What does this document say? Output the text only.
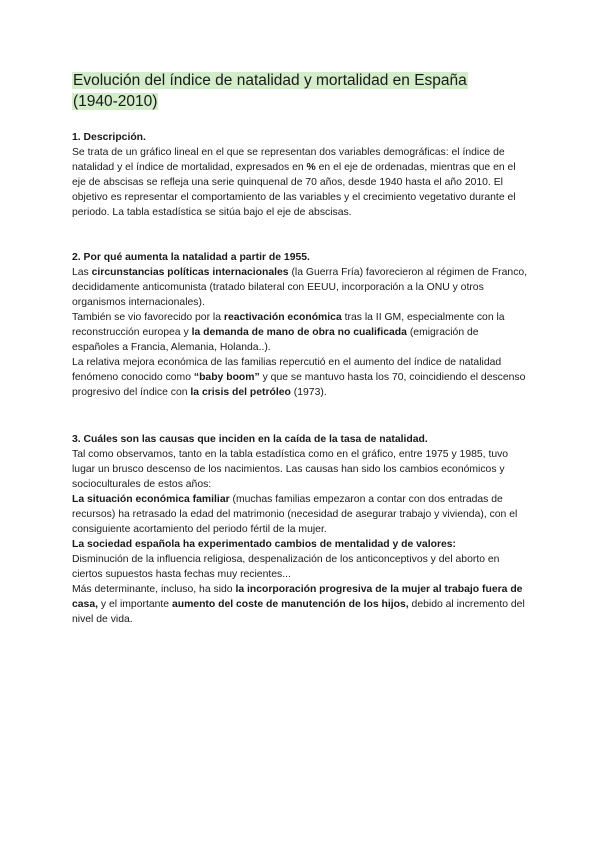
Evolución del índice de natalidad y mortalidad en España
(1940-2010)
1. Descripción.

Se trata de un gráfico lineal en el que se representan dos variables demográficas: el índice de natalidad y el índice de mortalidad, expresados en % en el eje de ordenadas, mientras que en el eje de abscisas se refleja una serie quinquenal de 70 años, desde 1940 hasta el año 2010. El objetivo es representar el comportamiento de las variables y el crecimiento vegetativo durante el periodo. La tabla estadística se sitúa bajo el eje de abscisas.

2. Por qué aumenta la natalidad a partir de 1955.

Las circunstancias políticas internacionales (la Guerra Fría) favorecieron al régimen de Franco, decididamente anticomunista (tratado bilateral con EEUU, incorporación a la ONU y otros organismos internacionales).

También se vio favorecido por la reactivación económica tras la II GM, especialmente con la reconstrucción europea y la demanda de mano de obra no cualificada (emigración de españoles a Francia, Alemania, Holanda..).

La relativa mejora económica de las familias repercutió en el aumento del índice de natalidad fenómeno conocido como “baby boom” y que se mantuvo hasta los 70, coincidiendo el descenso progresivo del índice con la crisis del petróleo (1973).

3. Cuáles son las causas que inciden en la caída de la tasa de natalidad.

Tal como observamos, tanto en la tabla estadística como en el gráfico, entre 1975 y 1985, tuvo lugar un brusco descenso de los nacimientos. Las causas han sido los cambios económicos y socioculturales de estos años:

La situación económica familiar (muchas familias empezaron a contar con dos entradas de recursos) ha retrasado la edad del matrimonio (necesidad de asegurar trabajo y vivienda), con el consiguiente acortamiento del periodo fértil de la mujer.

La sociedad española ha experimentado cambios de mentalidad y de valores:

Disminución de la influencia religiosa, despenalización de los anticonceptivos y del aborto en ciertos supuestos hasta fechas muy recientes...

Más determinante, incluso, ha sido la incorporación progresiva de la mujer al trabajo fuera de casa, y el importante aumento del coste de manutención de los hijos, debido al incremento del nivel de vida.
